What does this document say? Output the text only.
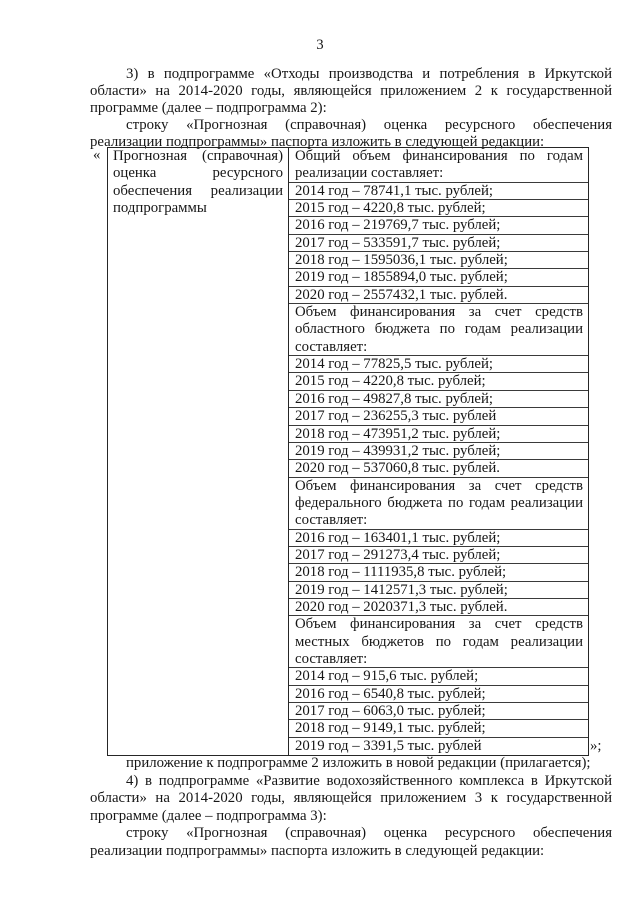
3
3) в подпрограмме «Отходы производства и потребления в Иркутской
области» на 2014-2020 годы, являющейся приложением 2 к государственной
программе (далее – подпрограмма 2):
строку «Прогнозная (справочная) оценка ресурсного обеспечения
реализации подпрограммы» паспорта изложить в следующей редакции:
« Прогнозная (справочная)
оценка ресурсного
обеспечения реализации
подпрограммы
Общий объем финансирования по годам
реализации составляет:
2014 год – 78741,1 тыс. рублей;
2015 год – 4220,8 тыс. рублей;
2016 год – 219769,7 тыс. рублей;
2017 год – 533591,7 тыс. рублей;
2018 год – 1595036,1 тыс. рублей;
2019 год – 1855894,0 тыс. рублей;
2020 год – 2557432,1 тыс. рублей.
Объем финансирования за счет средств
областного бюджета по годам реализации
составляет:
2014 год – 77825,5 тыс. рублей;
2015 год – 4220,8 тыс. рублей;
2016 год – 49827,8 тыс. рублей;
2017 год – 236255,3 тыс. рублей
2018 год – 473951,2 тыс. рублей;
2019 год – 439931,2 тыс. рублей;
2020 год – 537060,8 тыс. рублей.
Объем финансирования за счет средств
федерального бюджета по годам реализации
составляет:
2016 год – 163401,1 тыс. рублей;
2017 год – 291273,4 тыс. рублей;
2018 год – 1111935,8 тыс. рублей;
2019 год – 1412571,3 тыс. рублей;
2020 год – 2020371,3 тыс. рублей.
Объем финансирования за счет средств
местных бюджетов по годам реализации
составляет:
2014 год – 915,6 тыс. рублей;
2016 год – 6540,8 тыс. рублей;
2017 год – 6063,0 тыс. рублей;
2018 год – 9149,1 тыс. рублей;
2019 год – 3391,5 тыс. рублей	»;
приложение к подпрограмме 2 изложить в новой редакции (прилагается);
4) в подпрограмме «Развитие водохозяйственного комплекса в Иркутской
области» на 2014-2020 годы, являющейся приложением 3 к государственной
программе (далее – подпрограмма 3):
строку «Прогнозная (справочная) оценка ресурсного обеспечения
реализации подпрограммы» паспорта изложить в следующей редакции:
